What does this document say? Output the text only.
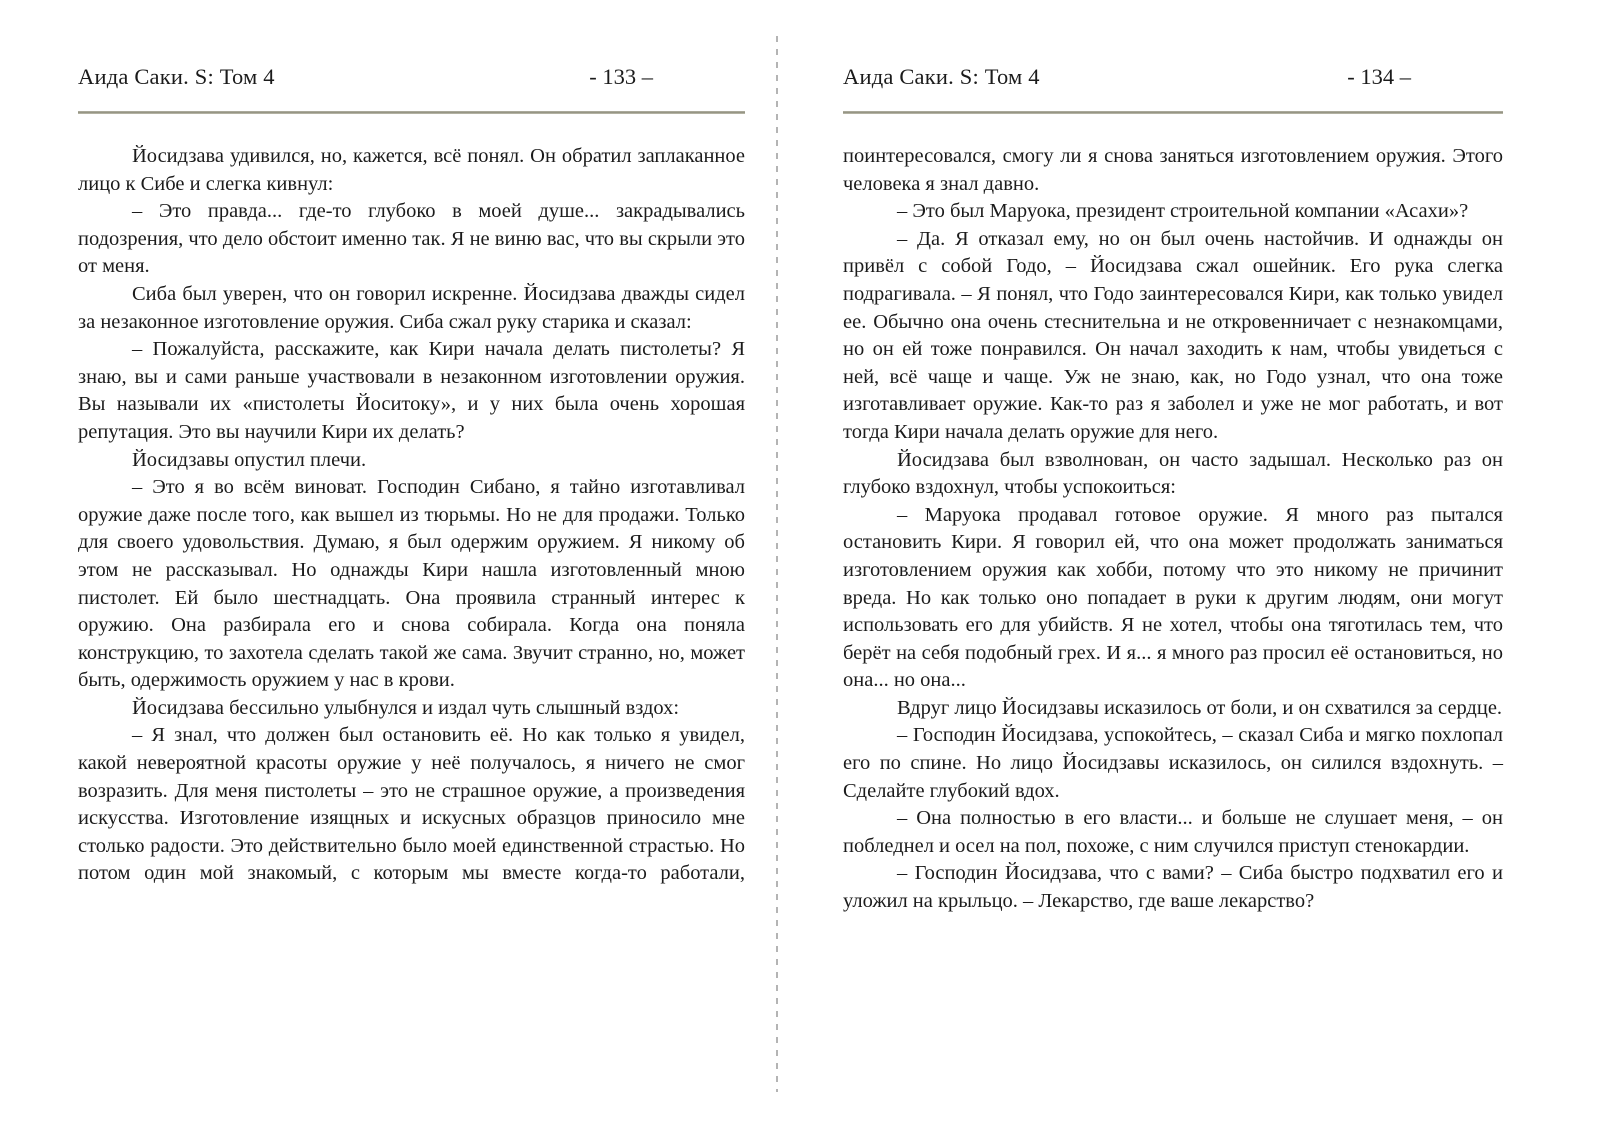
Аида Саки. S: Том 4	- 133 –

Йосидзава удивился, но, кажется, всё понял. Он обратил заплаканное лицо к Сибе и слегка кивнул:

– Это правда... где-то глубоко в моей душе... закрадывались подозрения, что дело обстоит именно так. Я не виню вас, что вы скрыли это от меня.

Сиба был уверен, что он говорил искренне. Йосидзава дважды сидел за незаконное изготовление оружия. Сиба сжал руку старика и сказал:

– Пожалуйста, расскажите, как Кири начала делать пистолеты? Я знаю, вы и сами раньше участвовали в незаконном изготовлении оружия. Вы называли их «пистолеты Йоситоку», и у них была очень хорошая репутация. Это вы научили Кири их делать?

Йосидзавы опустил плечи.

– Это я во всём виноват. Господин Сибано, я тайно изготавливал оружие даже после того, как вышел из тюрьмы. Но не для продажи. Только для своего удовольствия. Думаю, я был одержим оружием. Я никому об этом не рассказывал. Но однажды Кири нашла изготовленный мною пистолет. Ей было шестнадцать. Она проявила странный интерес к оружию. Она разбирала его и снова собирала. Когда она поняла конструкцию, то захотела сделать такой же сама. Звучит странно, но, может быть, одержимость оружием у нас в крови.

Йосидзава бессильно улыбнулся и издал чуть слышный вздох:

– Я знал, что должен был остановить её. Но как только я увидел, какой невероятной красоты оружие у неё получалось, я ничего не смог возразить. Для меня пистолеты – это не страшное оружие, а произведения искусства. Изготовление изящных и искусных образцов приносило мне столько радости. Это действительно было моей единственной страстью. Но потом один мой знакомый, с которым мы вместе когда-то работали,

Аида Саки. S: Том 4	- 134 –

поинтересовался, смогу ли я снова заняться изготовлением оружия. Этого человека я знал давно.

– Это был Маруока, президент строительной компании «Асахи»?

– Да. Я отказал ему, но он был очень настойчив. И однажды он привёл с собой Годо, – Йосидзава сжал ошейник. Его рука слегка подрагивала. – Я понял, что Годо заинтересовался Кири, как только увидел ее. Обычно она очень стеснительна и не откровенничает с незнакомцами, но он ей тоже понравился. Он начал заходить к нам, чтобы увидеться с ней, всё чаще и чаще. Уж не знаю, как, но Годо узнал, что она тоже изготавливает оружие. Как-то раз я заболел и уже не мог работать, и вот тогда Кири начала делать оружие для него.

Йосидзава был взволнован, он часто задышал. Несколько раз он глубоко вздохнул, чтобы успокоиться:

– Маруока продавал готовое оружие. Я много раз пытался остановить Кири. Я говорил ей, что она может продолжать заниматься изготовлением оружия как хобби, потому что это никому не причинит вреда. Но как только оно попадает в руки к другим людям, они могут использовать его для убийств. Я не хотел, чтобы она тяготилась тем, что берёт на себя подобный грех. И я... я много раз просил её остановиться, но она... но она...

Вдруг лицо Йосидзавы исказилось от боли, и он схватился за сердце.

– Господин Йосидзава, успокойтесь, – сказал Сиба и мягко похлопал его по спине. Но лицо Йосидзавы исказилось, он силился вздохнуть. – Сделайте глубокий вдох.

– Она полностью в его власти... и больше не слушает меня, – он побледнел и осел на пол, похоже, с ним случился приступ стенокардии.

– Господин Йосидзава, что с вами? – Сиба быстро подхватил его и уложил на крыльцо. – Лекарство, где ваше лекарство?
